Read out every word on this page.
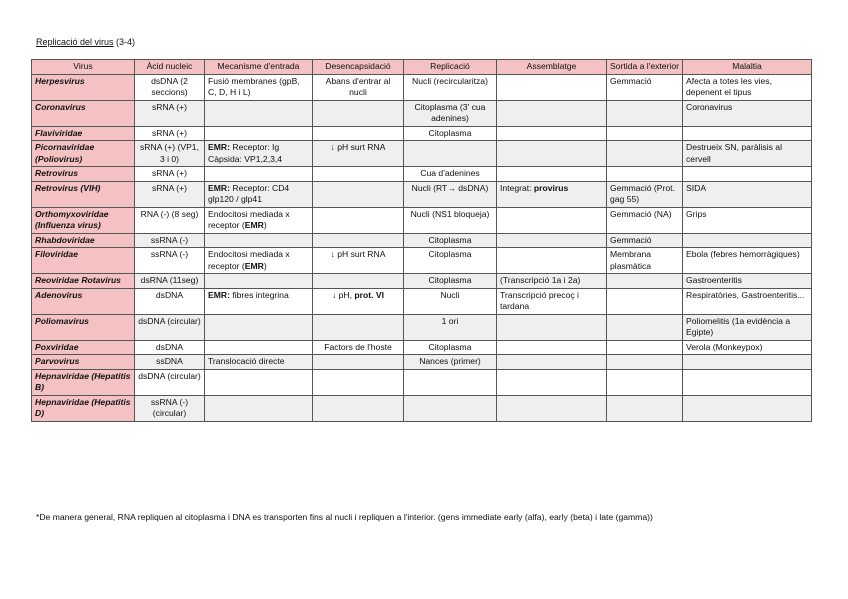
Replicació del virus (3-4)
Virus	Àcid nucleic	Mecanisme d'entrada	Desencapsidació	Replicació	Assemblatge	Sortida a l'exterior	Malaltia
Herpesvirus	dsDNA (2 seccions)	Fusió membranes (gpB, C, D, H i L)	Abans d'entrar al nucli	Nucli (recircularitza)		Gemmació	Afecta a totes les vies, depenent el tipus
Coronavirus	sRNA (+)			Citoplasma (3' cua adenines)			Coronavirus
Flaviviridae	sRNA (+)			Citoplasma			
Picornaviridae (Poliovirus)	sRNA (+) (VP1, 3 i 0)	EMR: Receptor: Ig Càpsida: VP1,2,3,4	↓ pH surt RNA				Destrueix SN, paràlisis al cervell
Retrovirus	sRNA (+)			Cua d'adenines			
Retrovirus (VIH)	sRNA (+)	EMR: Receptor: CD4 glp120 / glp41		Nucli (RT→ dsDNA)	Integrat: provirus	Gemmació (Prot. gag 55)	SIDA
Orthomyxoviridae (Influenza virus)	RNA (-) (8 seg)	Endocitosi mediada x receptor (EMR)		Nucli (NS1 bloqueja)		Gemmació (NA)	Grips
Rhabdoviridae	ssRNA (-)			Citoplasma		Gemmació	
Filoviridae	ssRNA (-)	Endocitosi mediada x receptor (EMR)	↓ pH surt RNA	Citoplasma		Membrana plasmàtica	Ebola (febres hemorràgiques)
Reoviridae Rotavirus	dsRNA (11seg)			Citoplasma	(Transcripció 1a i 2a)		Gastroenteritis
Adenovirus	dsDNA	EMR: fibres integrina	↓ pH, prot. VI	Nucli	Transcripció precoç i tardana		Respiratòries, Gastroenteritis...
Poliomavirus	dsDNA (circular)			1 ori			Poliomelitis (1a evidència a Egipte)
Poxviridae	dsDNA		Factors de l'hoste	Citoplasma			Verola (Monkeypox)
Parvovirus	ssDNA	Translocació directe		Nances (primer)			
Hepnaviridae (Hepatitis B)	dsDNA (circular)						
Hepnaviridae (Hepatitis D)	ssRNA (-) (circular)						
*De manera general, RNA repliquen al citoplasma i DNA es transporten fins al nucli i repliquen a l'interior. (gens immediate early (alfa), early (beta) i late (gamma))
